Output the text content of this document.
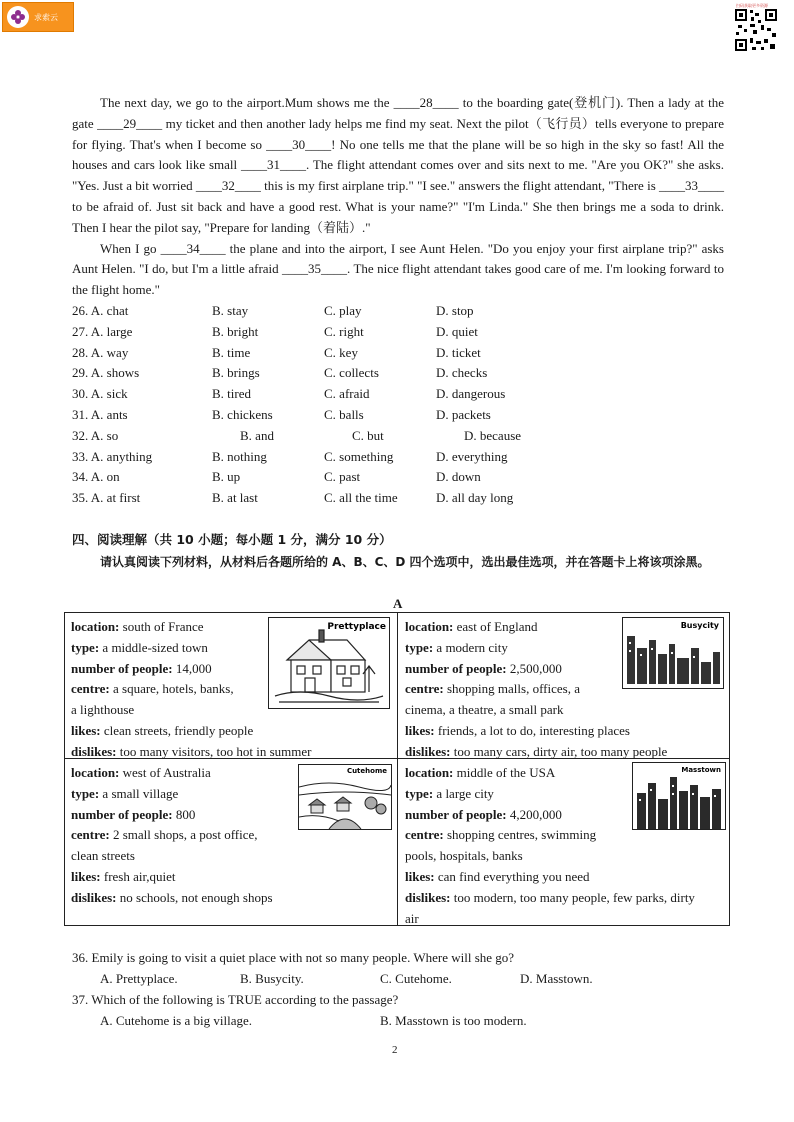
求索云
扫码获取更多资源

The next day, we go to the airport.Mum shows me the ____28____ to the boarding gate(登机门). Then a lady at the gate ____29____ my ticket and then another lady helps me find my seat. Next the pilot（飞行员）tells everyone to prepare for flying. That's when I become so ____30____! No one tells me that the plane will be so high in the sky so fast! All the houses and cars look like small ____31____. The flight attendant comes over and sits next to me. "Are you OK?" she asks. "Yes. Just a bit worried ____32____ this is my first airplane trip." "I see." answers the flight attendant, "There is ____33____ to be afraid of. Just sit back and have a good rest. What is your name?" "I'm Linda." She then brings me a soda to drink. Then I hear the pilot say, "Prepare for landing（着陆）."

When I go ____34____ the plane and into the airport, I see Aunt Helen. "Do you enjoy your first airplane trip?" asks Aunt Helen. "I do, but I'm a little afraid ____35____. The nice flight attendant takes good care of me. I'm looking forward to the flight home."

26. A. chat	B. stay	C. play	D. stop
27. A. large	B. bright	C. right	D. quiet
28. A. way	B. time	C. key	D. ticket
29. A. shows	B. brings	C. collects	D. checks
30. A. sick	B. tired	C. afraid	D. dangerous
31. A. ants	B. chickens	C. balls	D. packets
32. A. so	B. and	C. but	D. because
33. A. anything	B. nothing	C. something	D. everything
34. A. on	B. up	C. past	D. down
35. A. at first	B. at last	C. all the time	D. all day long
四、阅读理解（共 10 小题；每小题 1 分，满分 10 分）
请认真阅读下列材料，从材料后各题所给的 A、B、C、D 四个选项中，选出最佳选项，并在答题卡上将该项涂黑。
A
location: south of France
type: a middle-sized town
number of people: 14,000
centre: a square, hotels, banks,
a lighthouse
likes: clean streets, friendly people
dislikes: too many visitors, too hot in summer
Prettyplace location: east of England
type: a modern city
number of people: 2,500,000
centre: shopping malls, offices, a
cinema, a theatre, a small park
likes: friends, a lot to do, interesting places
dislikes: too many cars, dirty air, too many people
Busycity
location: west of Australia
type: a small village
number of people: 800
centre: 2 small shops, a post office,
clean streets
likes: fresh air,quiet
dislikes: no schools, not enough shops
Cutehome location: middle of the USA
type: a large city
number of people: 4,200,000
centre: shopping centres, swimming
pools, hospitals, banks
likes: can find everything you need
dislikes: too modern, too many people, few parks, dirty
air
Masstown
36. Emily is going to visit a quiet place with not so many people. Where will she go?
A. Prettyplace.	B. Busycity.	C. Cutehome.	D. Masstown.
37. Which of the following is TRUE according to the passage?
A. Cutehome is a big village.	B. Masstown is too modern.
2
